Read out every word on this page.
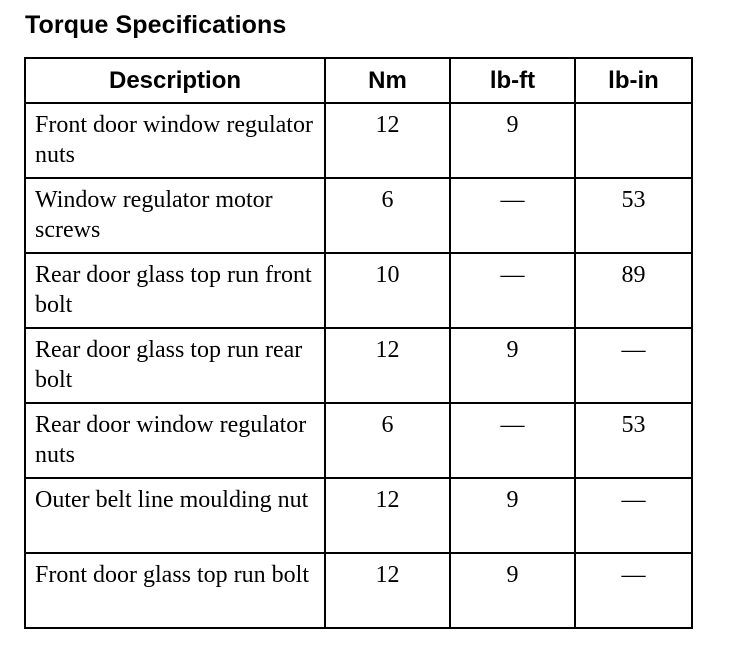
Torque Specifications
Description	Nm	lb-ft	lb-in
Front door window regulator nuts	12	9	
Window regulator motor screws	6	—	53
Rear door glass top run front bolt	10	—	89
Rear door glass top run rear bolt	12	9	—
Rear door window regulator nuts	6	—	53
Outer belt line moulding nut	12	9	—
Front door glass top run bolt	12	9	—
